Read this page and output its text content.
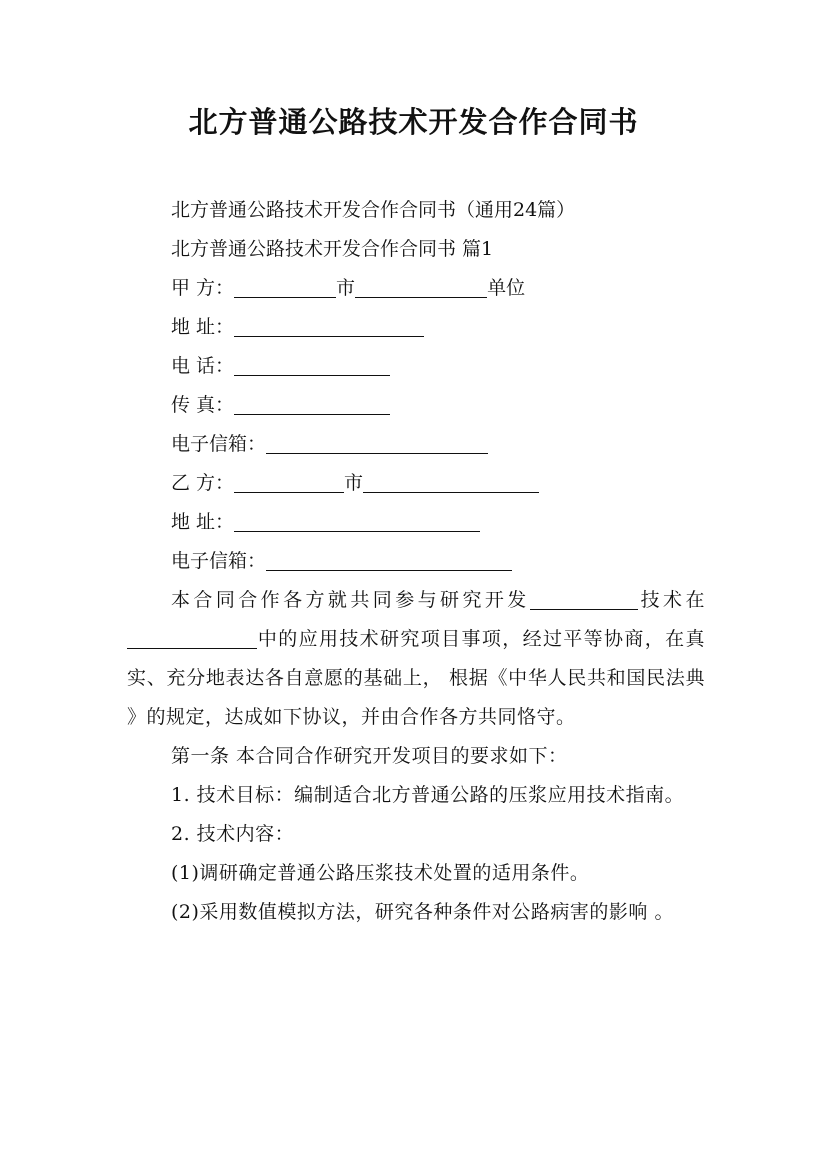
北方普通公路技术开发合作合同书
北方普通公路技术开发合作合同书（通用24篇）
北方普通公路技术开发合作合同书 篇1
甲 方：	市	单位
地 址：
电 话：
传 真：
电子信箱：
乙 方：	市
地 址：
电子信箱：
本合同合作各方就共同参与研究开发	技术在中的应用技术研究项目事项，经过平等协商，在真实、充分地表达各自意愿的基础上， 根据《中华人民共和国民法典 》的规定，达成如下协议，并由合作各方共同恪守。
第一条 本合同合作研究开发项目的要求如下：
1. 技术目标：编制适合北方普通公路的压浆应用技术指南。
2. 技术内容：
(1)调研确定普通公路压浆技术处置的适用条件。
(2)采用数值模拟方法，研究各种条件对公路病害的影响 。
